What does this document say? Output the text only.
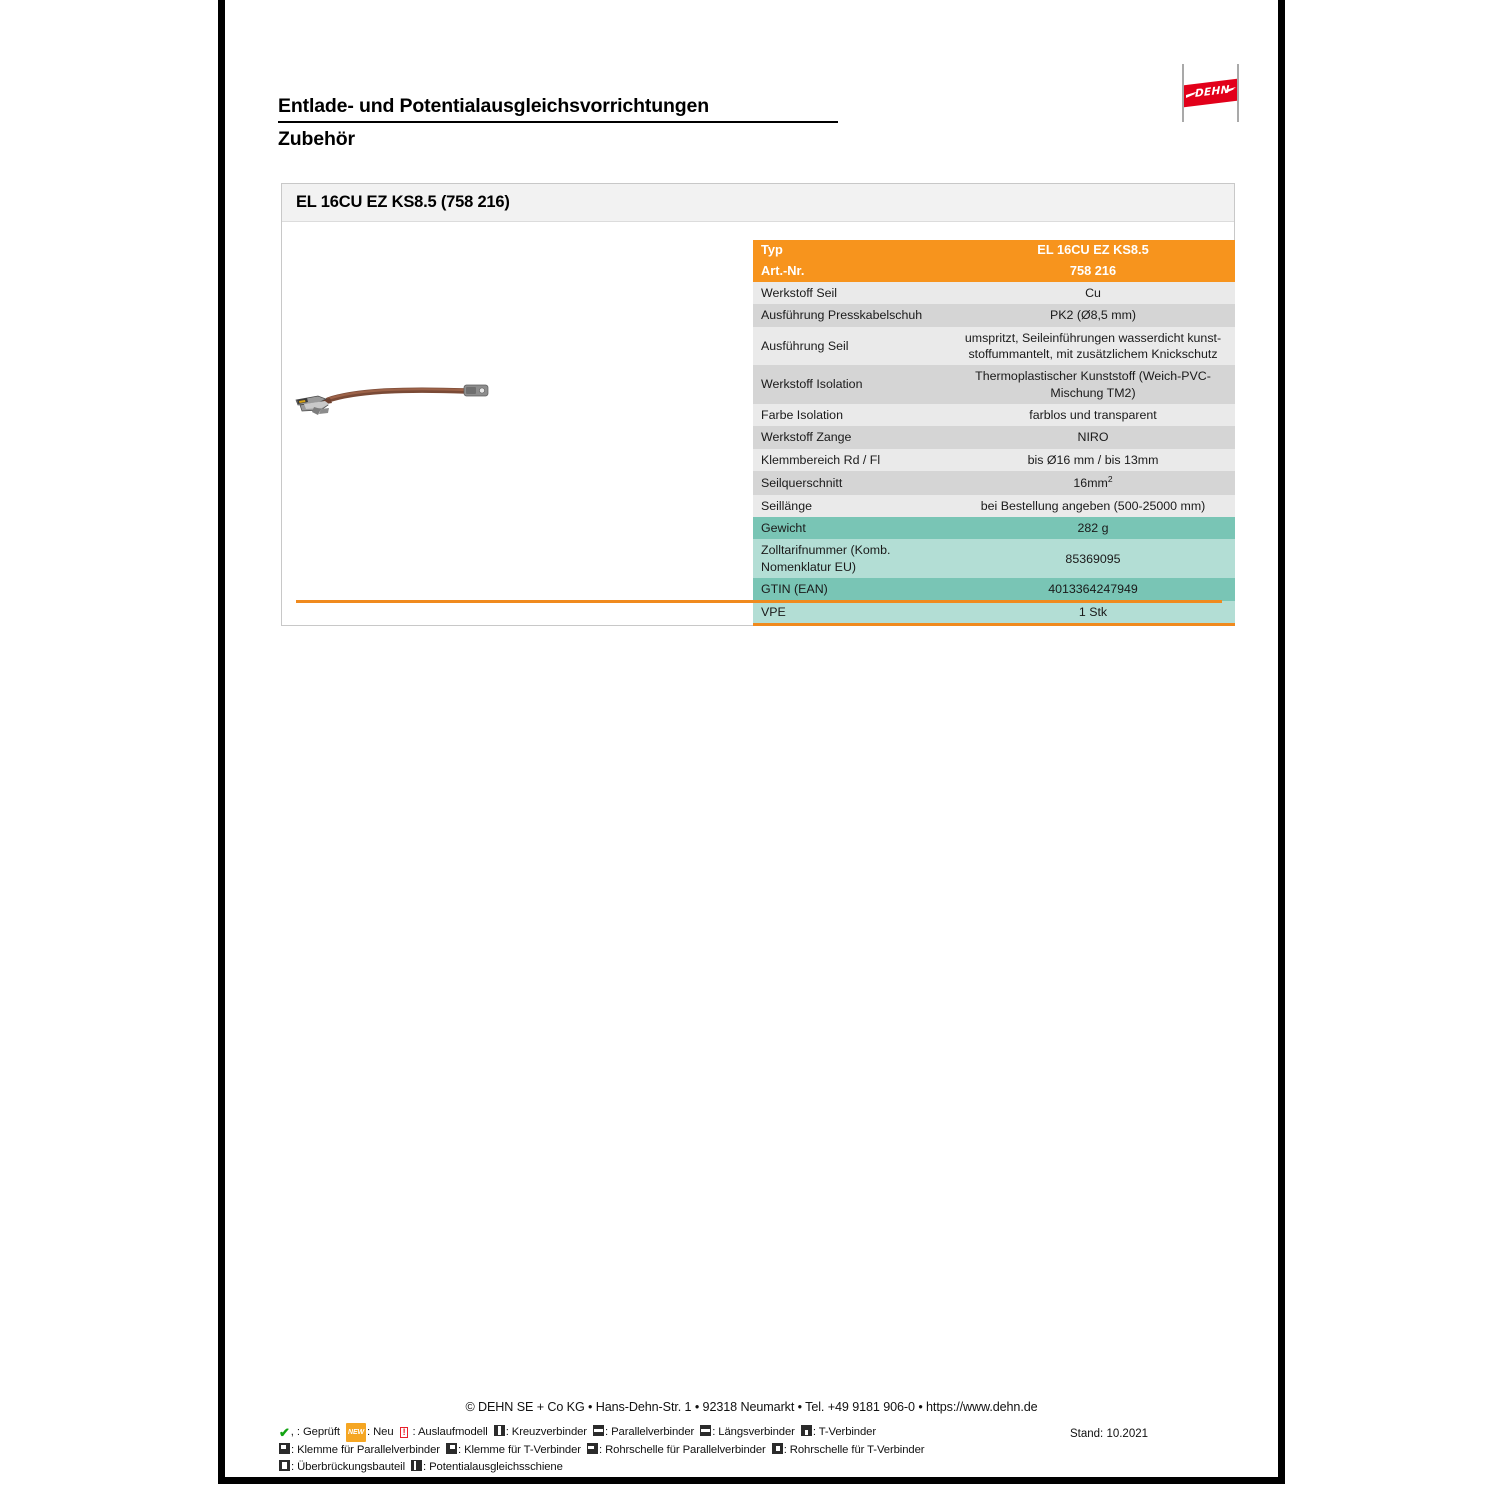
Entlade- und Potentialausgleichsvorrichtungen
Zubehör
DEHN
EL 16CU EZ KS8.5 (758 216)
Typ	EL 16CU EZ KS8.5
Art.-Nr.	758 216
Werkstoff Seil	Cu
Ausführung Presskabelschuh	PK2 (Ø8,5 mm)
Ausführung Seil	umspritzt, Seileinführungen wasserdicht kunst-stoffummantelt, mit zusätzlichem Knickschutz
Werkstoff Isolation	Thermoplastischer Kunststoff (Weich-PVC-Mischung TM2)
Farbe Isolation	farblos und transparent
Werkstoff Zange	NIRO
Klemmbereich Rd / Fl	bis Ø16 mm / bis 13mm
Seilquerschnitt	$16mm^2$
Seillänge	bei Bestellung angeben (500-25000 mm)
Gewicht	282 g
Zolltarifnummer (Komb. Nomenklatur EU)	85369095
GTIN (EAN)	4013364247949
VPE	1 Stk
© DEHN SE + Co KG • Hans-Dehn-Str. 1 • 92318 Neumarkt • Tel. +49 9181 906-0 • https://www.dehn.de
Stand: 10.2021
✔, : Geprüft NEW : Neu ! : Auslaufmodell : Kreuzverbinder : Parallelverbinder : Längsverbinder : T-Verbinder
: Klemme für Parallelverbinder : Klemme für T-Verbinder : Rohrschelle für Parallelverbinder : Rohrschelle für T-Verbinder
: Überbrückungsbauteil : Potentialausgleichsschiene
